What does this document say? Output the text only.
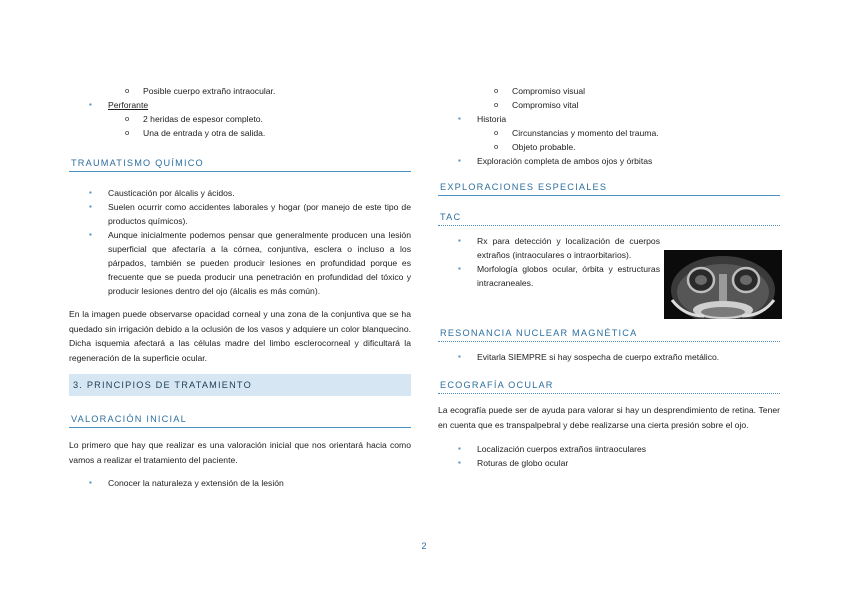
o Posible cuerpo extraño intraocular.
▪ Perforante
o 2 heridas de espesor completo.
o Una de entrada y otra de salida.
TRAUMATISMO QUÍMICO
▪ Causticación por álcalis y ácidos.
▪ Suelen ocurrir como accidentes laborales y hogar (por manejo de este tipo de productos químicos).
▪ Aunque inicialmente podemos pensar que generalmente producen una lesión superficial que afectaría a la córnea, conjuntiva, esclera o incluso a los párpados, también se pueden producir lesiones en profundidad porque es frecuente que se pueda producir una penetración en profundidad del tóxico y producir lesiones dentro del ojo (álcalis es más común).
En la imagen puede observarse opacidad corneal y una zona de la conjuntiva que se ha quedado sin irrigación debido a la oclusión de los vasos y adquiere un color blanquecino. Dicha isquemia afectará a las células madre del limbo esclerocorneal y dificultará la regeneración de la superficie ocular.
3. PRINCIPIOS DE TRATAMIENTO
VALORACIÓN INICIAL
Lo primero que hay que realizar es una valoración inicial que nos orientará hacia como vamos a realizar el tratamiento del paciente.
▪ Conocer la naturaleza y extensión de la lesión
o Compromiso visual
o Compromiso vital
▪ Historia
o Circunstancias y momento del trauma.
o Objeto probable.
▪ Exploración completa de ambos ojos y órbitas
EXPLORACIONES ESPECIALES
TAC
▪ Rx para detección y localización de cuerpos extraños (intraoculares o intraorbitarios).
▪ Morfología globos ocular, órbita y estructuras intracraneales.
RESONANCIA NUCLEAR MAGNÉTICA
▪ Evitarla SIEMPRE si hay sospecha de cuerpo extraño metálico.
ECOGRAFÍA OCULAR
La ecografía puede ser de ayuda para valorar si hay un desprendimiento de retina. Tener en cuenta que es transpalpebral y debe realizarse una cierta presión sobre el ojo.
▪ Localización cuerpos extraños iintraoculares
▪ Roturas de globo ocular
2
